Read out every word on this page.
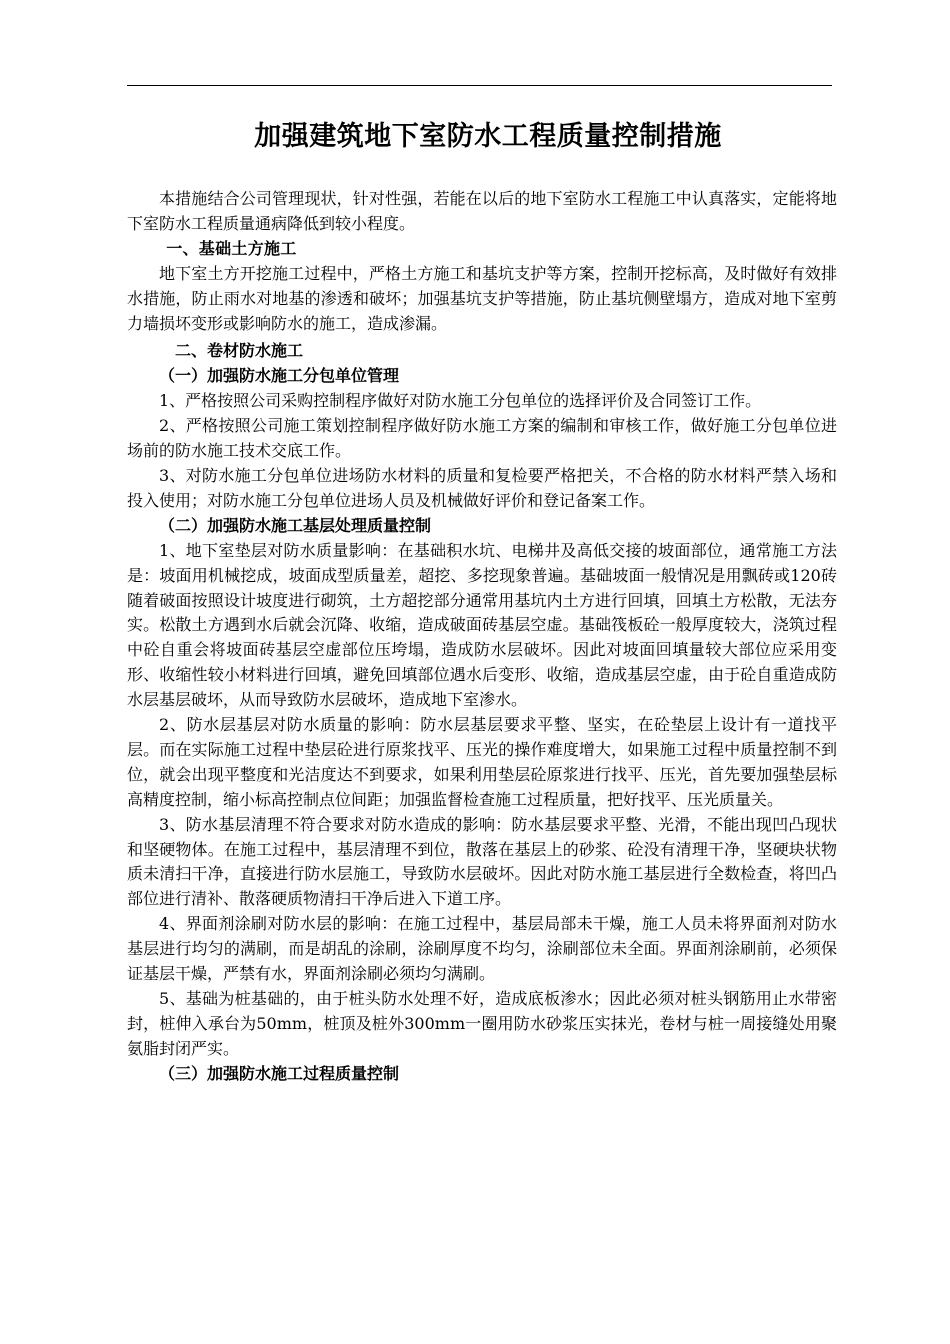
加强建筑地下室防水工程质量控制措施

本措施结合公司管理现状，针对性强，若能在以后的地下室防水工程施工中认真落实，定能将地下室防水工程质量通病降低到较小程度。

一、基础土方施工

地下室土方开挖施工过程中，严格土方施工和基坑支护等方案，控制开挖标高，及时做好有效排水措施，防止雨水对地基的渗透和破坏；加强基坑支护等措施，防止基坑侧壁塌方，造成对地下室剪力墙损坏变形或影响防水的施工，造成渗漏。

二、卷材防水施工

（一）加强防水施工分包单位管理

1、严格按照公司采购控制程序做好对防水施工分包单位的选择评价及合同签订工作。

2、严格按照公司施工策划控制程序做好防水施工方案的编制和审核工作，做好施工分包单位进场前的防水施工技术交底工作。

3、对防水施工分包单位进场防水材料的质量和复检要严格把关，不合格的防水材料严禁入场和投入使用；对防水施工分包单位进场人员及机械做好评价和登记备案工作。

（二）加强防水施工基层处理质量控制

1、地下室垫层对防水质量影响：在基础积水坑、电梯井及高低交接的坡面部位，通常施工方法是：坡面用机械挖成，坡面成型质量差，超挖、多挖现象普遍。基础坡面一般情况是用飘砖或120砖随着破面按照设计坡度进行砌筑，土方超挖部分通常用基坑内土方进行回填，回填土方松散，无法夯实。松散土方遇到水后就会沉降、收缩，造成破面砖基层空虚。基础筏板砼一般厚度较大，浇筑过程中砼自重会将坡面砖基层空虚部位压垮塌，造成防水层破坏。因此对坡面回填量较大部位应采用变形、收缩性较小材料进行回填，避免回填部位遇水后变形、收缩，造成基层空虚，由于砼自重造成防水层基层破坏，从而导致防水层破坏，造成地下室渗水。

2、防水层基层对防水质量的影响：防水层基层要求平整、坚实，在砼垫层上设计有一道找平层。而在实际施工过程中垫层砼进行原浆找平、压光的操作难度增大，如果施工过程中质量控制不到位，就会出现平整度和光洁度达不到要求，如果利用垫层砼原浆进行找平、压光，首先要加强垫层标高精度控制，缩小标高控制点位间距；加强监督检查施工过程质量，把好找平、压光质量关。

3、防水基层清理不符合要求对防水造成的影响：防水基层要求平整、光滑，不能出现凹凸现状和坚硬物体。在施工过程中，基层清理不到位，散落在基层上的砂浆、砼没有清理干净，坚硬块状物质未清扫干净，直接进行防水层施工，导致防水层破坏。因此对防水施工基层进行全数检查，将凹凸部位进行清补、散落硬质物清扫干净后进入下道工序。

4、界面剂涂刷对防水层的影响：在施工过程中，基层局部未干燥，施工人员未将界面剂对防水基层进行均匀的满刷，而是胡乱的涂刷，涂刷厚度不均匀，涂刷部位未全面。界面剂涂刷前，必须保证基层干燥，严禁有水，界面剂涂刷必须均匀满刷。

5、基础为桩基础的，由于桩头防水处理不好，造成底板渗水；因此必须对桩头钢筋用止水带密封，桩伸入承台为50mm，桩顶及桩外300mm一圈用防水砂浆压实抹光，卷材与桩一周接缝处用聚氨脂封闭严实。

（三）加强防水施工过程质量控制
